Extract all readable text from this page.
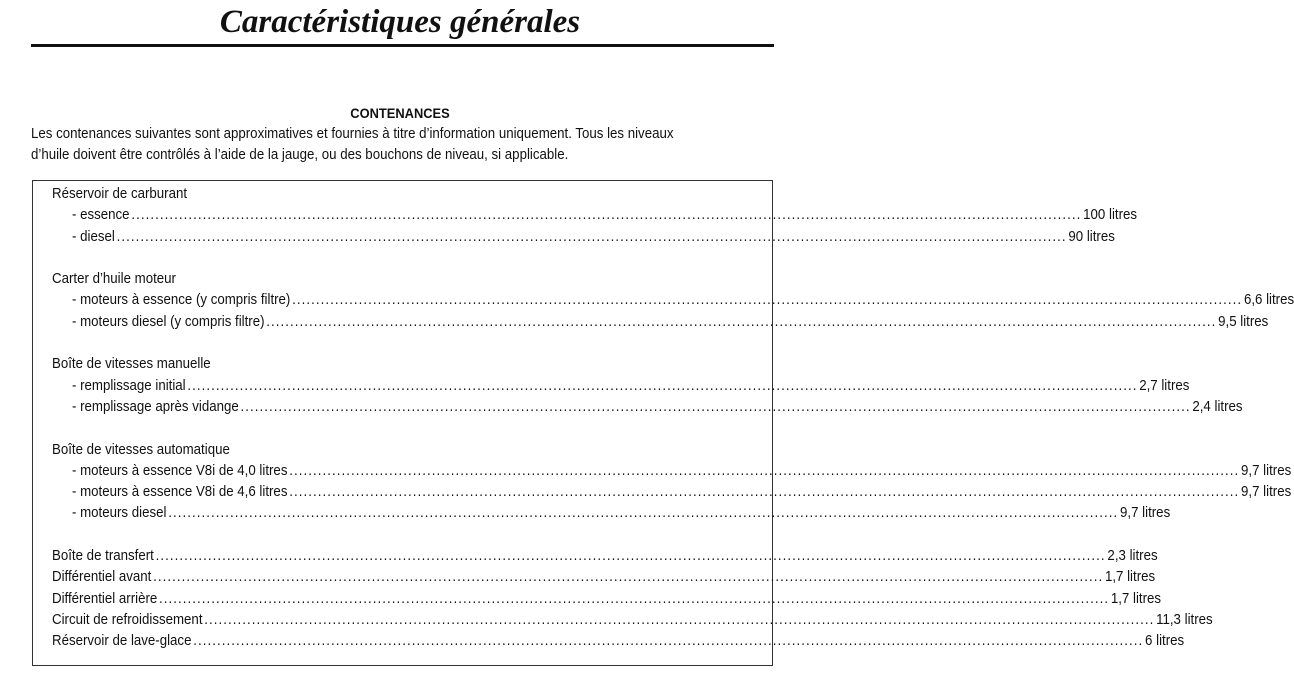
Caractéristiques générales
CONTENANCES
Les contenances suivantes sont approximatives et fournies à titre d’information uniquement. Tous les niveaux
d’huile doivent être contrôlés à l’aide de la jauge, ou des bouchons de niveau, si applicable.
Réservoir de carburant
- essence ........................................................................................................................................................................................................ 100 litres
- diesel ........................................................................................................................................................................................................ 90 litres
Carter d’huile moteur
- moteurs à essence (y compris filtre) ........................................................................................................................................................................................................ 6,6 litres
- moteurs diesel (y compris filtre) ........................................................................................................................................................................................................ 9,5 litres
Boîte de vitesses manuelle
- remplissage initial ........................................................................................................................................................................................................ 2,7 litres
- remplissage après vidange ........................................................................................................................................................................................................ 2,4 litres
Boîte de vitesses automatique
- moteurs à essence V8i de 4,0 litres ........................................................................................................................................................................................................ 9,7 litres
- moteurs à essence V8i de 4,6 litres ........................................................................................................................................................................................................ 9,7 litres
- moteurs diesel ........................................................................................................................................................................................................ 9,7 litres
Boîte de transfert ........................................................................................................................................................................................................ 2,3 litres
Différentiel avant ........................................................................................................................................................................................................ 1,7 litres
Différentiel arrière ........................................................................................................................................................................................................ 1,7 litres
Circuit de refroidissement ........................................................................................................................................................................................................ 11,3 litres
Réservoir de lave-glace ........................................................................................................................................................................................................ 6 litres
